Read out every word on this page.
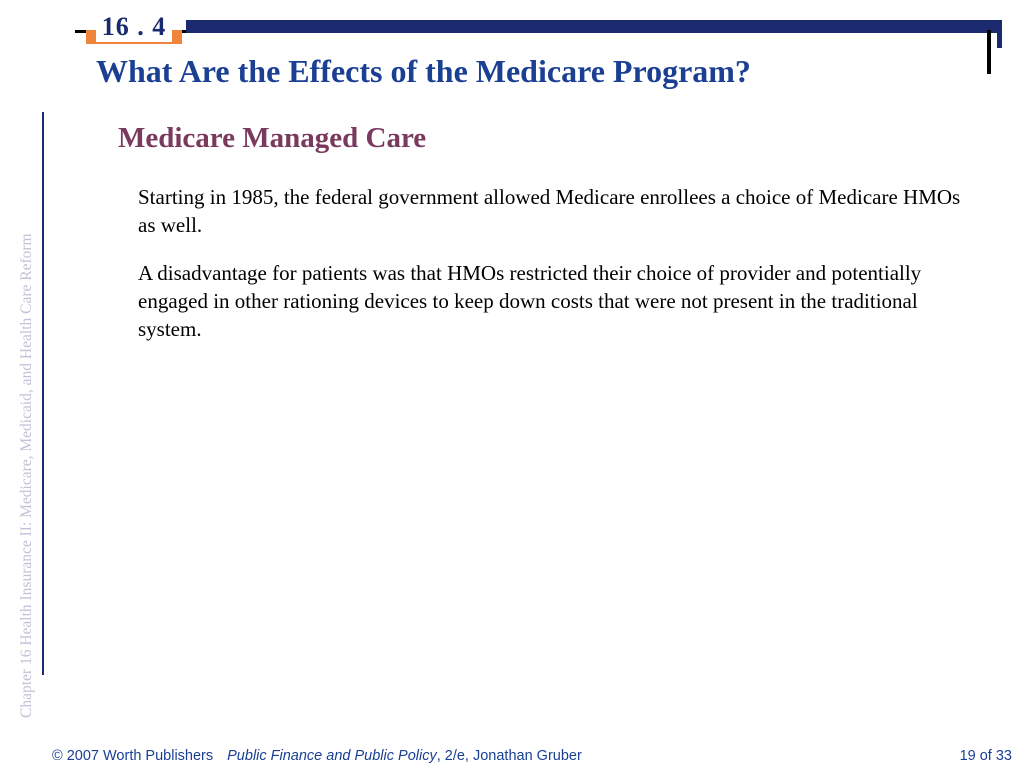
16 . 4
What Are the Effects of the Medicare Program?
Chapter 16 Health Insurance II: Medicare, Medicaid, and Health Care Reform
Medicare Managed Care

Starting in 1985, the federal government allowed Medicare enrollees a choice of Medicare HMOs as well.

A disadvantage for patients was that HMOs restricted their choice of provider and potentially engaged in other rationing devices to keep down costs that were not present in the traditional system.

© 2007 Worth Publishers Public Finance and Public Policy, 2/e, Jonathan Gruber	19 of 33
